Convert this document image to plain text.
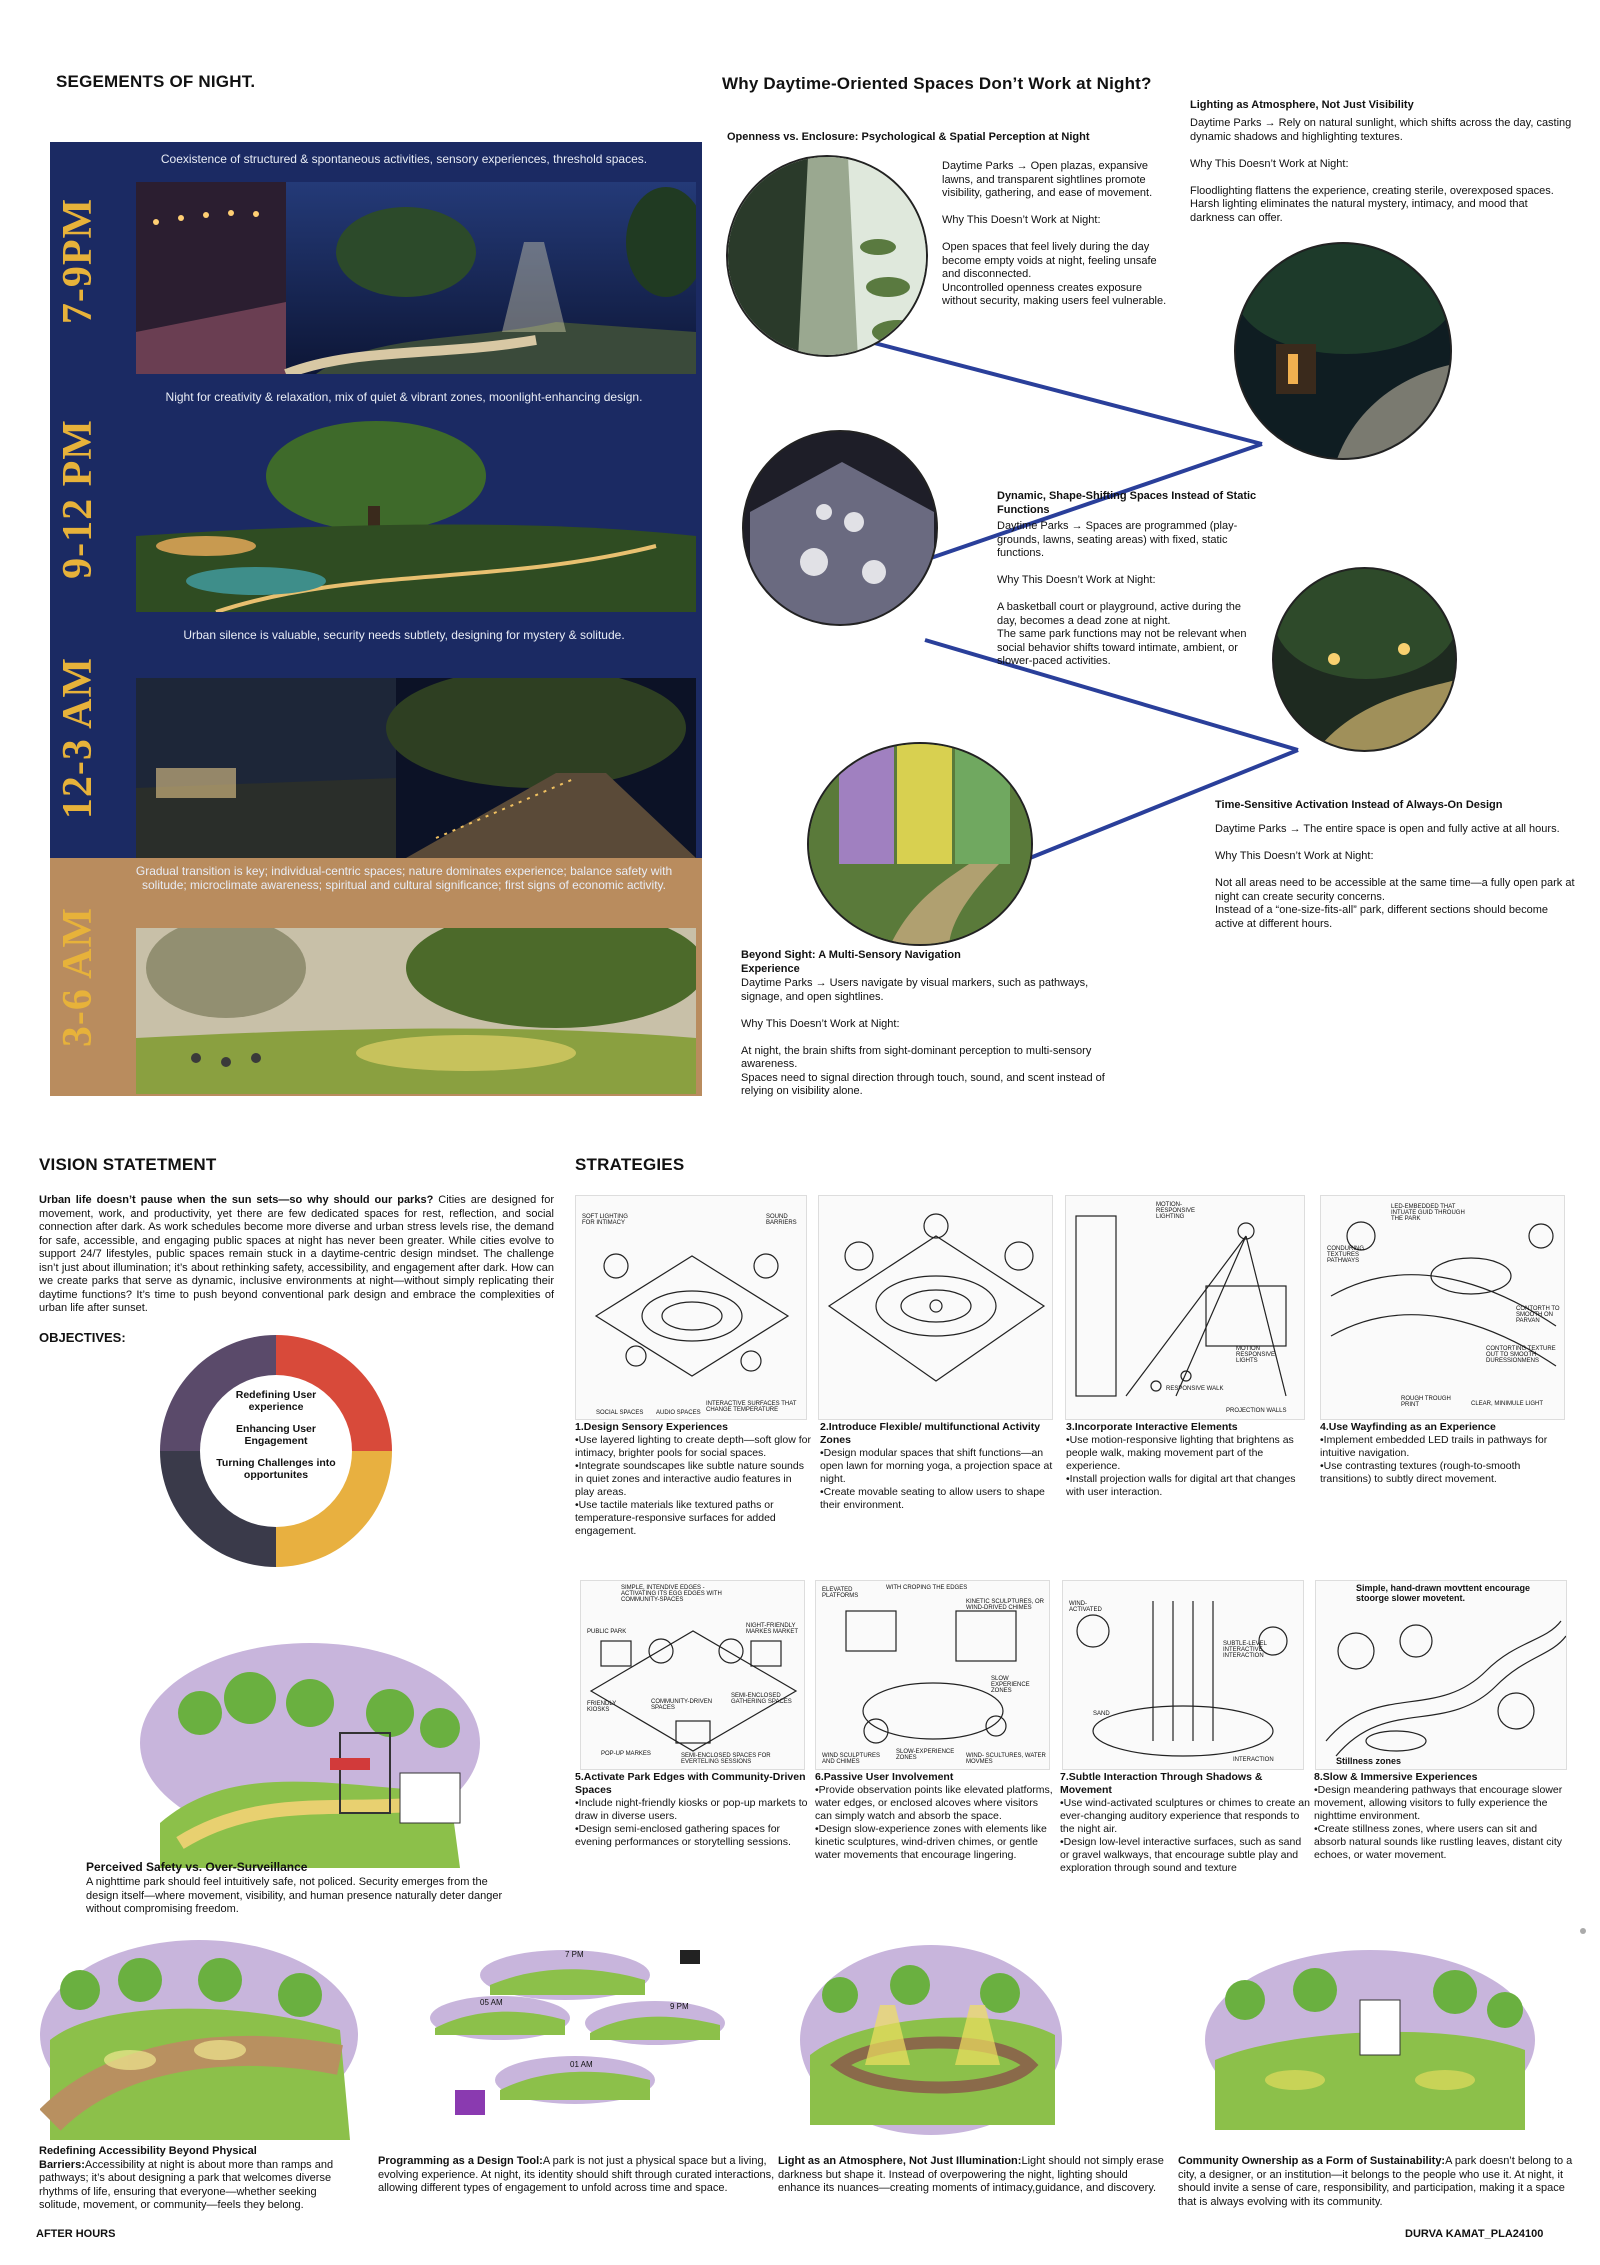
SEGEMENTS OF NIGHT.
7-9PM
Coexistence of structured & spontaneous activities, sensory experiences, threshold spaces.
9-12 PM
Night for creativity & relaxation, mix of quiet & vibrant zones, moonlight-enhancing design.
12-3 AM
Urban silence is valuable, security needs subtlety, designing for mystery & solitude.
3-6 AM
Gradual transition is key; individual-centric spaces; nature dominates experience; balance safety with solitude; microclimate awareness; spiritual and cultural significance; first signs of economic activity.
Why Daytime-Oriented Spaces Don’t Work at Night?
Lighting as Atmosphere, Not Just Visibility
Daytime Parks → Rely on natural sunlight, which shifts across the day, casting dynamic shadows and highlighting textures.

Why This Doesn’t Work at Night:

Floodlighting flattens the experience, creating sterile, overexposed spaces. Harsh lighting eliminates the natural mystery, intimacy, and mood that darkness can offer.
Openness vs. Enclosure: Psychological & Spatial Perception at Night
Daytime Parks → Open plazas, expansive lawns, and transparent sightlines promote visibility, gathering, and ease of movement.

Why This Doesn’t Work at Night:

Open spaces that feel lively during the day become empty voids at night, feeling unsafe and disconnected.
Uncontrolled openness creates exposure without security, making users feel vulnerable.
Dynamic, Shape-Shifting Spaces Instead of Static Functions
Daytime Parks → Spaces are programmed (play-grounds, lawns, seating areas) with fixed, static functions.

Why This Doesn’t Work at Night:

A basketball court or playground, active during the day, becomes a dead zone at night.
The same park functions may not be relevant when social behavior shifts toward intimate, ambient, or slower-paced activities.
Time-Sensitive Activation Instead of Always-On Design
Daytime Parks → The entire space is open and fully active at all hours.

Why This Doesn’t Work at Night:

Not all areas need to be accessible at the same time—a fully open park at night can create security concerns.
Instead of a “one-size-fits-all” park, different sections should become active at different hours.
Beyond Sight: A Multi-Sensory Navigation Experience
Daytime Parks → Users navigate by visual markers, such as pathways, signage, and open sightlines.

Why This Doesn’t Work at Night:

At night, the brain shifts from sight-dominant perception to multi-sensory awareness.
Spaces need to signal direction through touch, sound, and scent instead of relying on visibility alone.
VISION STATETMENT
Urban life doesn’t pause when the sun sets—so why should our parks? Cities are designed for movement, work, and productivity, yet there are few dedicated spaces for rest, reflection, and social connection after dark. As work schedules become more diverse and urban stress levels rise, the demand for safe, accessible, and engaging public spaces at night has never been greater. While cities evolve to support 24/7 lifestyles, public spaces remain stuck in a daytime-centric design mindset. The challenge isn’t just about illumination; it’s about rethinking safety, accessibility, and engagement after dark. How can we create parks that serve as dynamic, inclusive environments at night—without simply replicating their daytime functions? It’s time to push beyond conventional park design and embrace the complexities of urban life after sunset.
OBJECTIVES:
Redefining User experience
Enhancing User Engagement
Turning Challenges into opportunites
Perceived Safety vs. Over-Surveillance
A nighttime park should feel intuitively safe, not policed. Security emerges from the design itself—where movement, visibility, and human presence naturally deter danger without compromising freedom.
STRATEGIES
SOFT LIGHTING FOR INTIMACY
SOUND BARRIERS
INTERACTIVE SURFACES THAT CHANGE TEMPERATURE
SOCIAL SPACES	AUDIO SPACES
MOTION-RESPONSIVE LIGHTING
MOTION RESPONSIVE LIGHTS
RESPONSIVE WALK
PROJECTION WALLS
LED-EMBEDDED THAT INTUATE GUID THROUGH THE PARK
CONDURING TEXTURES PATHWAYS
CONTORTH TO SMOOTH ON PARVAN
CONTORTING TEXTURE OUT TO SMOOTH DURESSIONMENS
ROUGH TROUGH PRINT	CLEAR, MINIMULE LIGHT
1.Design Sensory Experiences
•Use layered lighting to create depth—soft glow for intimacy, brighter pools for social spaces.
•Integrate soundscapes like subtle nature sounds in quiet zones and interactive audio features in play areas.
•Use tactile materials like textured paths or temperature-responsive surfaces for added engagement.
2.Introduce Flexible/ multifunctional Activity Zones
•Design modular spaces that shift functions—an open lawn for morning yoga, a projection space at night.
•Create movable seating to allow users to shape their environment.
3.Incorporate Interactive Elements
•Use motion-responsive lighting that brightens as people walk, making movement part of the experience.
•Install projection walls for digital art that changes with user interaction.
4.Use Wayfinding as an Experience
•Implement embedded LED trails in pathways for intuitive navigation.
•Use contrasting textures (rough-to-smooth transitions) to subtly direct movement.
SIMPLE, INTENDIVE EDGES - ACTIVATING ITS EGG EDGES WITH COMMUNITY-SPACES
PUBLIC PARK
NIGHT-FRIENDLY MARKES MARKET
FRIENDLY KIOSKS
COMMUNITY-DRIVEN SPACES
SEMI-ENCLOSED GATHERING SPACES
POP-UP MARKES	SEMI-ENCLOSED SPACES FOR EVERTELING SESSIONS
ELEVATED PLATFORMS
WITH CROPING THE EDGES
KINETIC SCULPTURES, OR WIND-DRIVED CHIMES
SLOW EXPERIENCE ZONES
WIND SCULPTURES AND CHIMES
SLOW-EXPERIENCE ZONES	WIND- SCULTURES, WATER MOVMES
WIND-ACTIVATED
SUBTLE-LEVEL INTERACTIVE INTERACTION
SAND
INTERACTION
Simple, hand-drawn movttent encourage stoorge slower movetent.
Stillness zones
5.Activate Park Edges with Community-Driven Spaces
•Include night-friendly kiosks or pop-up markets to draw in diverse users.
•Design semi-enclosed gathering spaces for evening performances or storytelling sessions.
6.Passive User Involvement
•Provide observation points like elevated platforms, water edges, or enclosed alcoves where visitors can simply watch and absorb the space.
•Design slow-experience zones with elements like kinetic sculptures, wind-driven chimes, or gentle water movements that encourage lingering.
7.Subtle Interaction Through Shadows & Movement
•Use wind-activated sculptures or chimes to create an ever-changing auditory experience that responds to the night air.
•Design low-level interactive surfaces, such as sand or gravel walkways, that encourage subtle play and exploration through sound and texture
8.Slow & Immersive Experiences
•Design meandering pathways that encourage slower movement, allowing visitors to fully experience the nighttime environment.
•Create stillness zones, where users can sit and absorb natural sounds like rustling leaves, distant city echoes, or water movement.
7 PM
05 AM	9 PM
01 AM
Redefining Accessibility Beyond Physical Barriers:Accessibility at night is about more than ramps and pathways; it’s about designing a park that welcomes diverse rhythms of life, ensuring that everyone—whether seeking solitude, movement, or community—feels they belong.
Programming as a Design Tool:A park is not just a physical space but a living, evolving experience. At night, its identity should shift through curated interactions, allowing different types of engagement to unfold across time and space.
Light as an Atmosphere, Not Just Illumination:Light should not simply erase darkness but shape it. Instead of overpowering the night, lighting should enhance its nuances—creating moments of intimacy,guidance, and discovery.
Community Ownership as a Form of Sustainability:A park doesn’t belong to a city, a designer, or an institution—it belongs to the people who use it. At night, it should invite a sense of care, responsibility, and participation, making it a space that is always evolving with its community.
AFTER HOURS	DURVA KAMAT_PLA24100
